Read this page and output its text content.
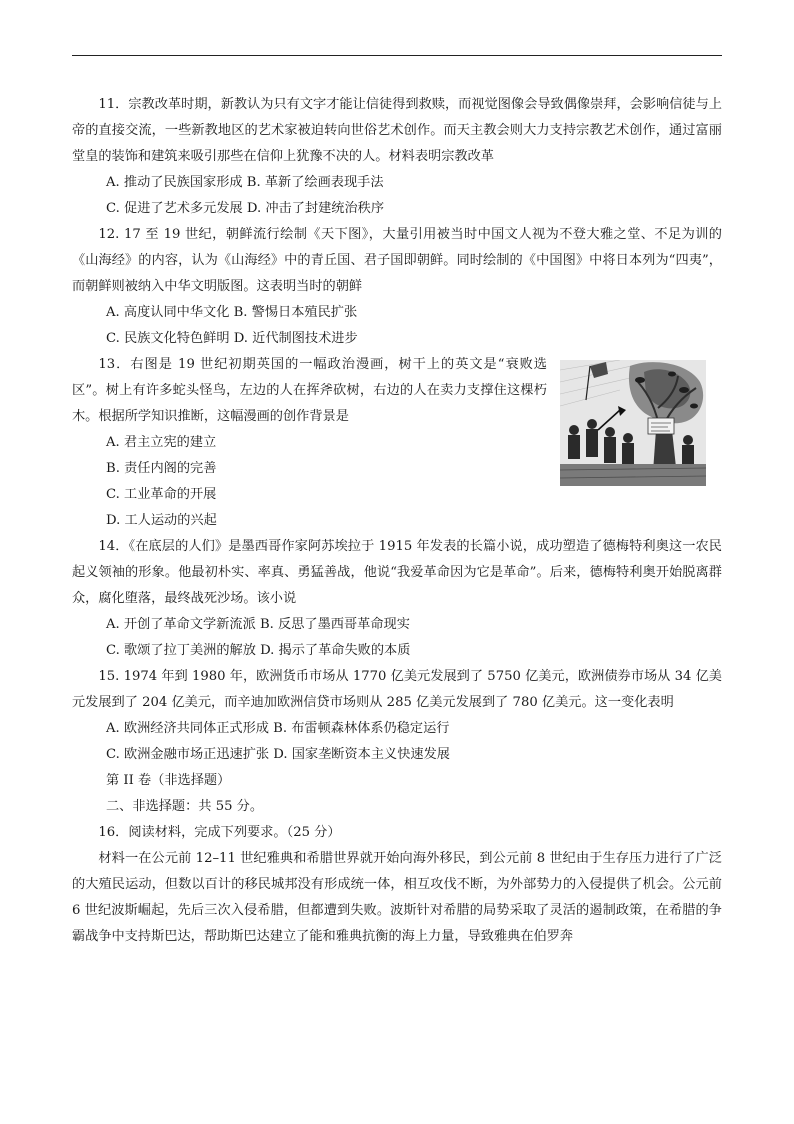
11．宗教改革时期，新教认为只有文字才能让信徒得到救赎，而视觉图像会导致偶像崇拜，会影响信徒与上帝的直接交流，一些新教地区的艺术家被迫转向世俗艺术创作。而天主教会则大力支持宗教艺术创作，通过富丽堂皇的装饰和建筑来吸引那些在信仰上犹豫不决的人。材料表明宗教改革

A. 推动了民族国家形成 B. 革新了绘画表现手法

C. 促进了艺术多元发展 D. 冲击了封建统治秩序

12. 17 至 19 世纪，朝鲜流行绘制《天下图》，大量引用被当时中国文人视为不登大雅之堂、不足为训的《山海经》的内容，认为《山海经》中的青丘国、君子国即朝鲜。同时绘制的《中国图》中将日本列为“四夷”，而朝鲜则被纳入中华文明版图。这表明当时的朝鲜

A. 高度认同中华文化 B. 警惕日本殖民扩张

C. 民族文化特色鲜明 D. 近代制图技术进步

13．右图是 19 世纪初期英国的一幅政治漫画，树干上的英文是“衰败选区”。树上有许多蛇头怪鸟，左边的人在挥斧砍树，右边的人在卖力支撑住这棵朽木。根据所学知识推断，这幅漫画的创作背景是

A. 君主立宪的建立

B. 责任内阁的完善

C. 工业革命的开展

D. 工人运动的兴起

14．《在底层的人们》是墨西哥作家阿苏埃拉于 1915 年发表的长篇小说，成功塑造了德梅特利奥这一农民起义领袖的形象。他最初朴实、率真、勇猛善战，他说“我爱革命因为它是革命”。后来，德梅特利奥开始脱离群众，腐化堕落，最终战死沙场。该小说

A. 开创了革命文学新流派 B. 反思了墨西哥革命现实

C. 歌颂了拉丁美洲的解放 D. 揭示了革命失败的本质

15. 1974 年到 1980 年，欧洲货币市场从 1770 亿美元发展到了 5750 亿美元，欧洲债券市场从 34 亿美元发展到了 204 亿美元，而辛迪加欧洲信贷市场则从 285 亿美元发展到了 780 亿美元。这一变化表明

A. 欧洲经济共同体正式形成 B. 布雷顿森林体系仍稳定运行

C. 欧洲金融市场正迅速扩张 D. 国家垄断资本主义快速发展

第 II 卷（非选择题）

二、非选择题：共 55 分。

16．阅读材料，完成下列要求。（25 分）

材料一在公元前 12–11 世纪雅典和希腊世界就开始向海外移民，到公元前 8 世纪由于生存压力进行了广泛的大殖民运动，但数以百计的移民城邦没有形成统一体，相互攻伐不断，为外部势力的入侵提供了机会。公元前 6 世纪波斯崛起，先后三次入侵希腊，但都遭到失败。波斯针对希腊的局势采取了灵活的遏制政策，在希腊的争霸战争中支持斯巴达，帮助斯巴达建立了能和雅典抗衡的海上力量，导致雅典在伯罗奔
